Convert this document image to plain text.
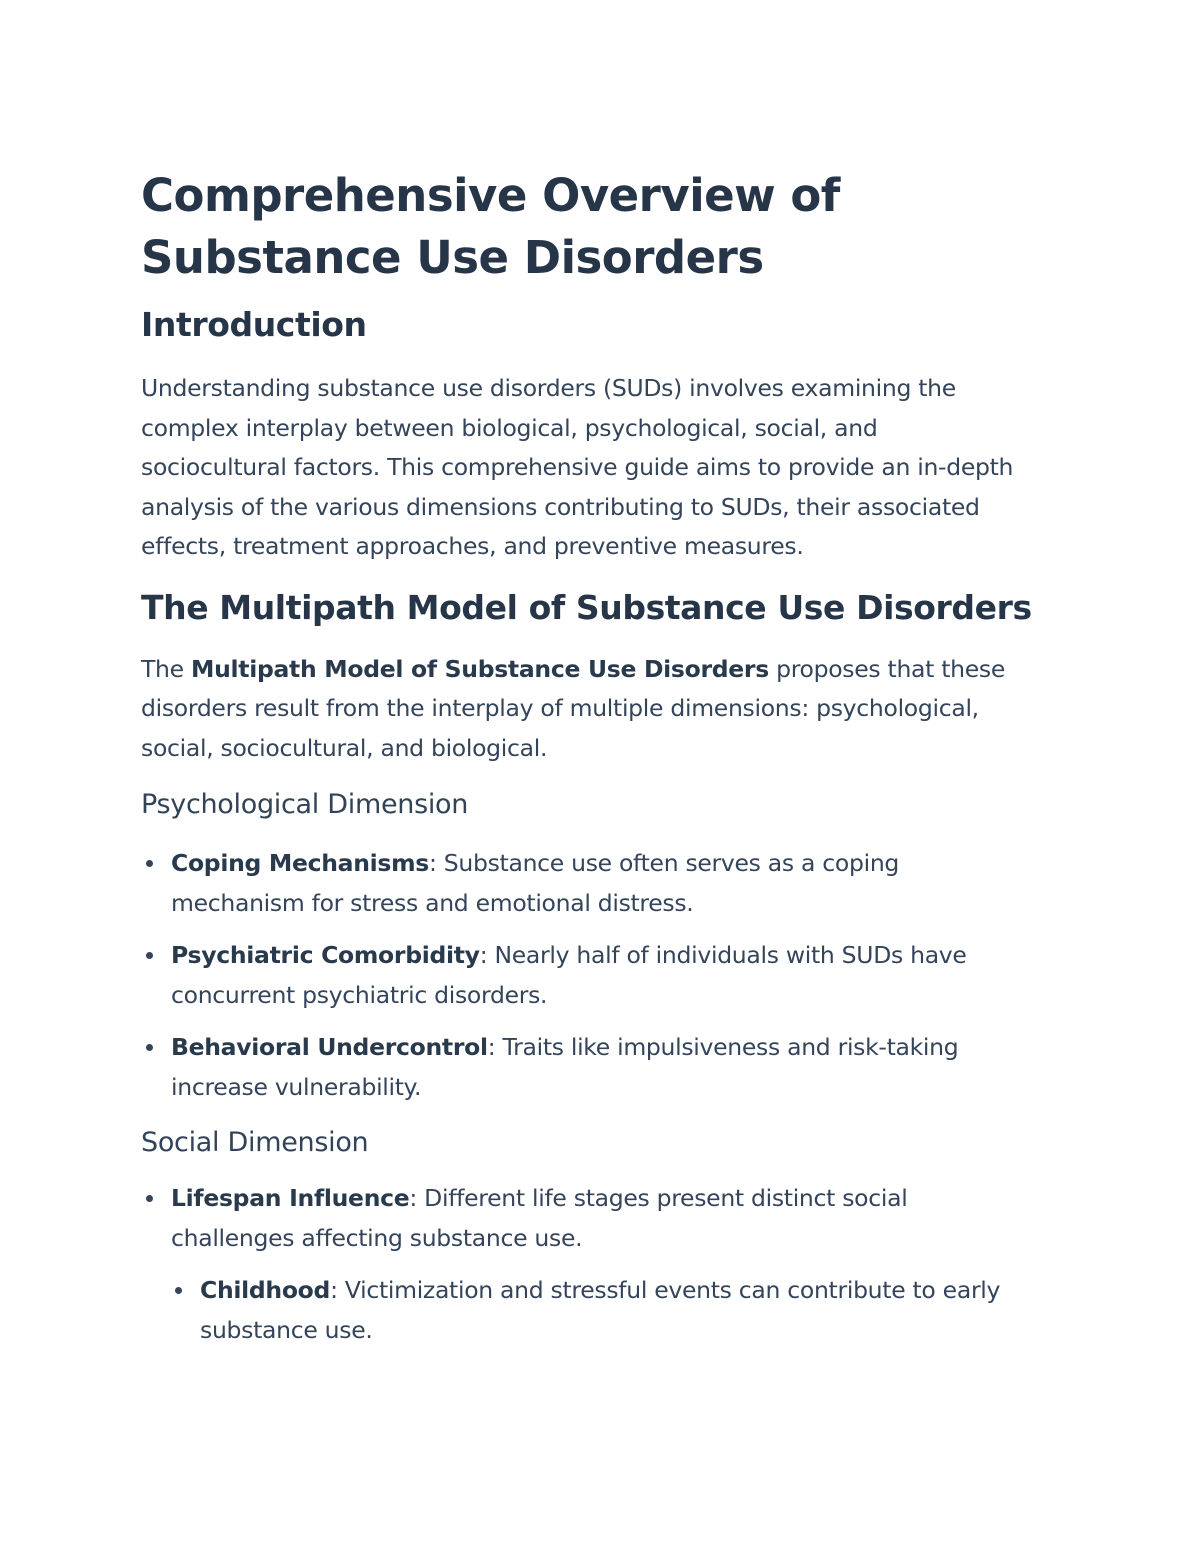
Comprehensive Overview of Substance Use Disorders
Introduction

Understanding substance use disorders (SUDs) involves examining the complex interplay between biological, psychological, social, and sociocultural factors. This comprehensive guide aims to provide an in-depth analysis of the various dimensions contributing to SUDs, their associated effects, treatment approaches, and preventive measures.

The Multipath Model of Substance Use Disorders

The Multipath Model of Substance Use Disorders proposes that these disorders result from the interplay of multiple dimensions: psychological, social, sociocultural, and biological.

Psychological Dimension
Coping Mechanisms: Substance use often serves as a coping mechanism for stress and emotional distress.
Psychiatric Comorbidity: Nearly half of individuals with SUDs have concurrent psychiatric disorders.
Behavioral Undercontrol: Traits like impulsiveness and risk-taking increase vulnerability.
Social Dimension
Lifespan Influence: Different life stages present distinct social challenges affecting substance use.
Childhood: Victimization and stressful events can contribute to early substance use.
